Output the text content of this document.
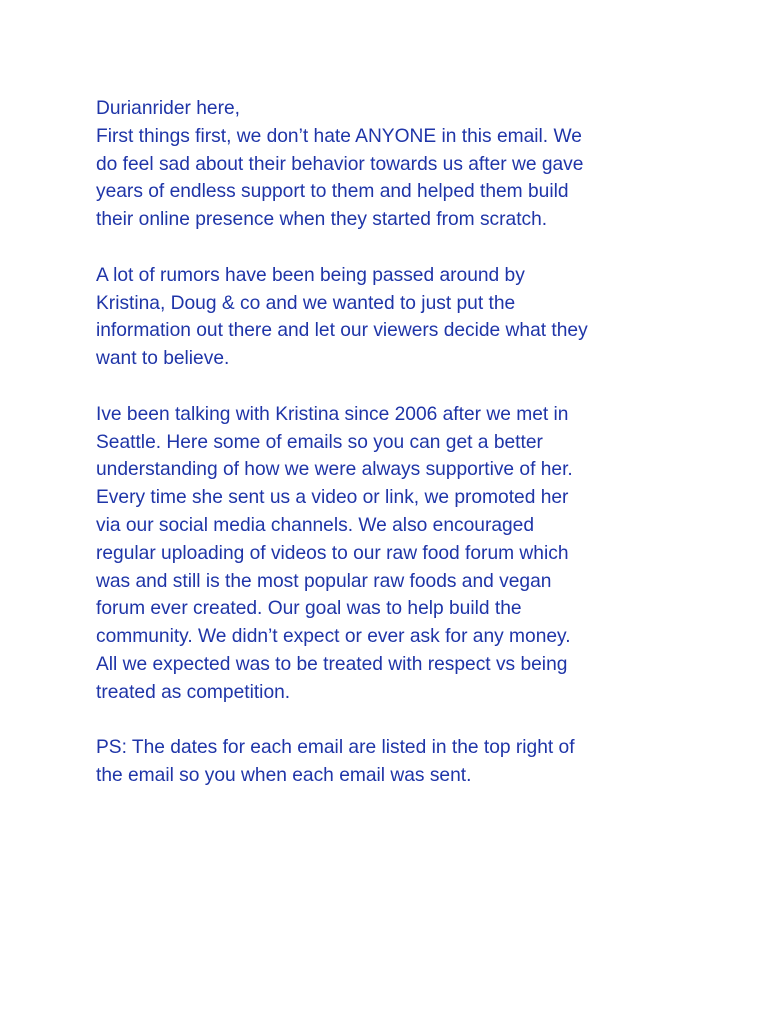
Durianrider here,
First things first, we don’t hate ANYONE in this email. We
do feel sad about their behavior towards us after we gave
years of endless support to them and helped them build
their online presence when they started from scratch.
A lot of rumors have been being passed around by
Kristina, Doug & co and we wanted to just put the
information out there and let our viewers decide what they
want to believe.
Ive been talking with Kristina since 2006 after we met in
Seattle. Here some of emails so you can get a better
understanding of how we were always supportive of her.
Every time she sent us a video or link, we promoted her
via our social media channels. We also encouraged
regular uploading of videos to our raw food forum which
was and still is the most popular raw foods and vegan
forum ever created. Our goal was to help build the
community. We didn’t expect or ever ask for any money.
All we expected was to be treated with respect vs being
treated as competition.
PS: The dates for each email are listed in the top right of
the email so you when each email was sent.
